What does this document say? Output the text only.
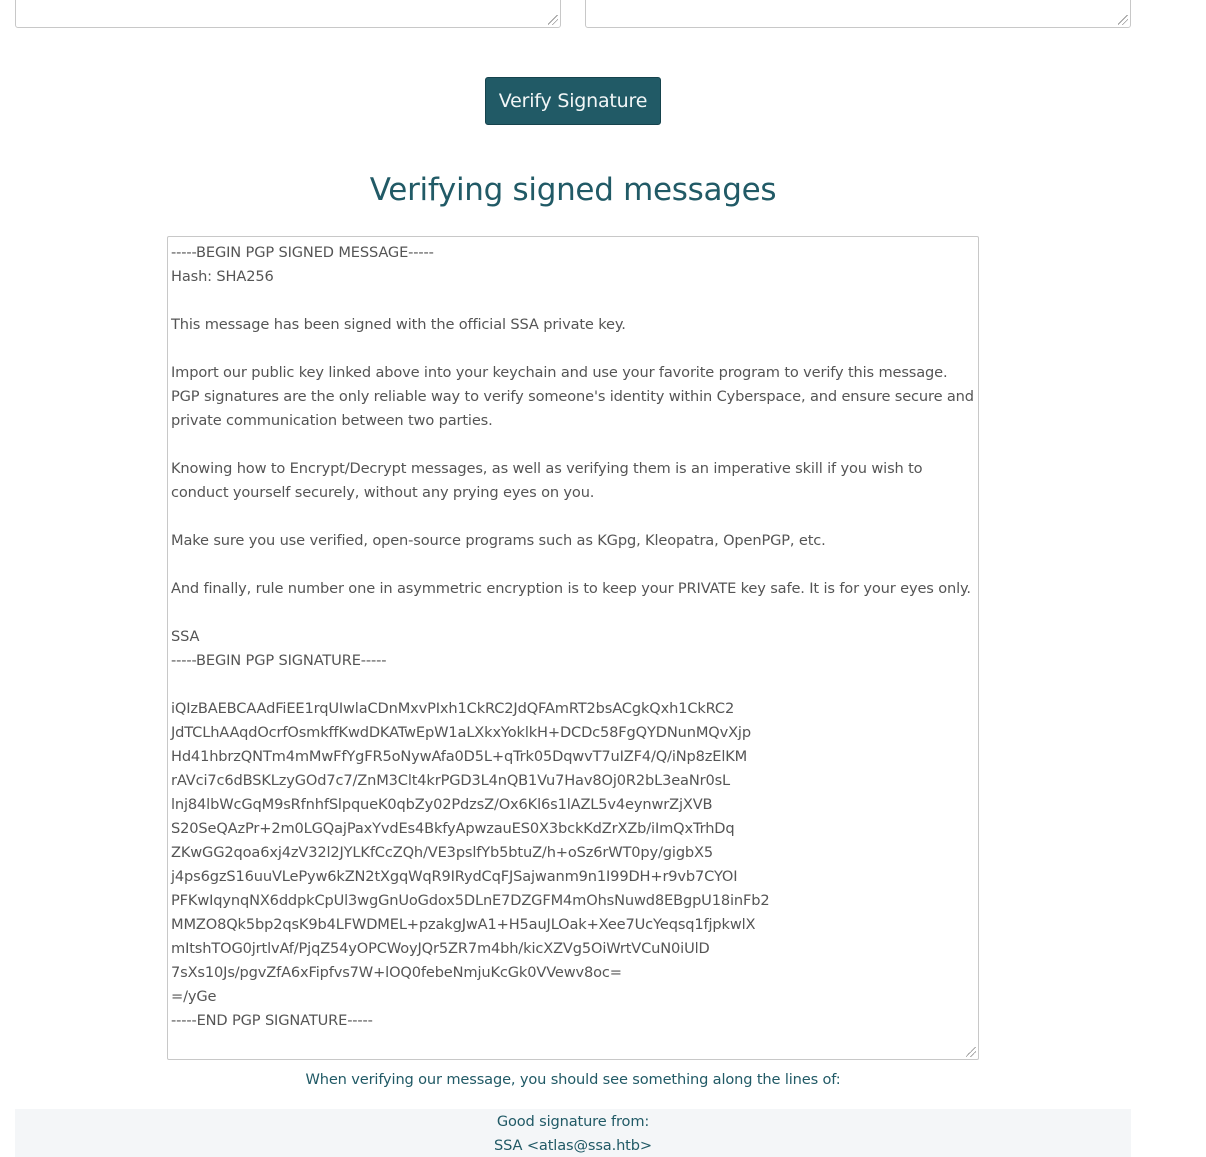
Verify Signature
Verifying signed messages
-----BEGIN PGP SIGNED MESSAGE-----
Hash: SHA256

This message has been signed with the official SSA private key.

Import our public key linked above into your keychain and use your favorite program to verify this message. PGP signatures are the only reliable way to verify someone's identity within Cyberspace, and ensure secure and private communication between two parties.

Knowing how to Encrypt/Decrypt messages, as well as verifying them is an imperative skill if you wish to conduct yourself securely, without any prying eyes on you.

Make sure you use verified, open-source programs such as KGpg, Kleopatra, OpenPGP, etc.

And finally, rule number one in asymmetric encryption is to keep your PRIVATE key safe. It is for your eyes only.

SSA
-----BEGIN PGP SIGNATURE-----

iQIzBAEBCAAdFiEE1rqUIwlaCDnMxvPIxh1CkRC2JdQFAmRT2bsACgkQxh1CkRC2
JdTCLhAAqdOcrfOsmkffKwdDKATwEpW1aLXkxYoklkH+DCDc58FgQYDNunMQvXjp
Hd41hbrzQNTm4mMwFfYgFR5oNywAfa0D5L+qTrk05DqwvT7uIZF4/Q/iNp8zElKM
rAVci7c6dBSKLzyGOd7c7/ZnM3Clt4krPGD3L4nQB1Vu7Hav8Oj0R2bL3eaNr0sL
lnj84lbWcGqM9sRfnhfSlpqueK0qbZy02PdzsZ/Ox6Kl6s1lAZL5v4eynwrZjXVB
S20SeQAzPr+2m0LGQajPaxYvdEs4BkfyApwzauES0X3bckKdZrXZb/iImQxTrhDq
ZKwGG2qoa6xj4zV32l2JYLKfCcZQh/VE3pslfYb5btuZ/h+oSz6rWT0py/gigbX5
j4ps6gzS16uuVLePyw6kZN2tXgqWqR9IRydCqFJSajwanm9n1I99DH+r9vb7CYOI
PFKwIqynqNX6ddpkCpUl3wgGnUoGdox5DLnE7DZGFM4mOhsNuwd8EBgpU18inFb2
MMZO8Qk5bp2qsK9b4LFWDMEL+pzakgJwA1+H5auJLOak+Xee7UcYeqsq1fjpkwlX
mItshTOG0jrtlvAf/PjqZ54yOPCWoyJQr5ZR7m4bh/kicXZVg5OiWrtVCuN0iUlD
7sXs10Js/pgvZfA6xFipfvs7W+lOQ0febeNmjuKcGk0VVewv8oc=
=/yGe
-----END PGP SIGNATURE-----
When verifying our message, you should see something along the lines of:
Good signature from:
SSA <atlas@ssa.htb>
